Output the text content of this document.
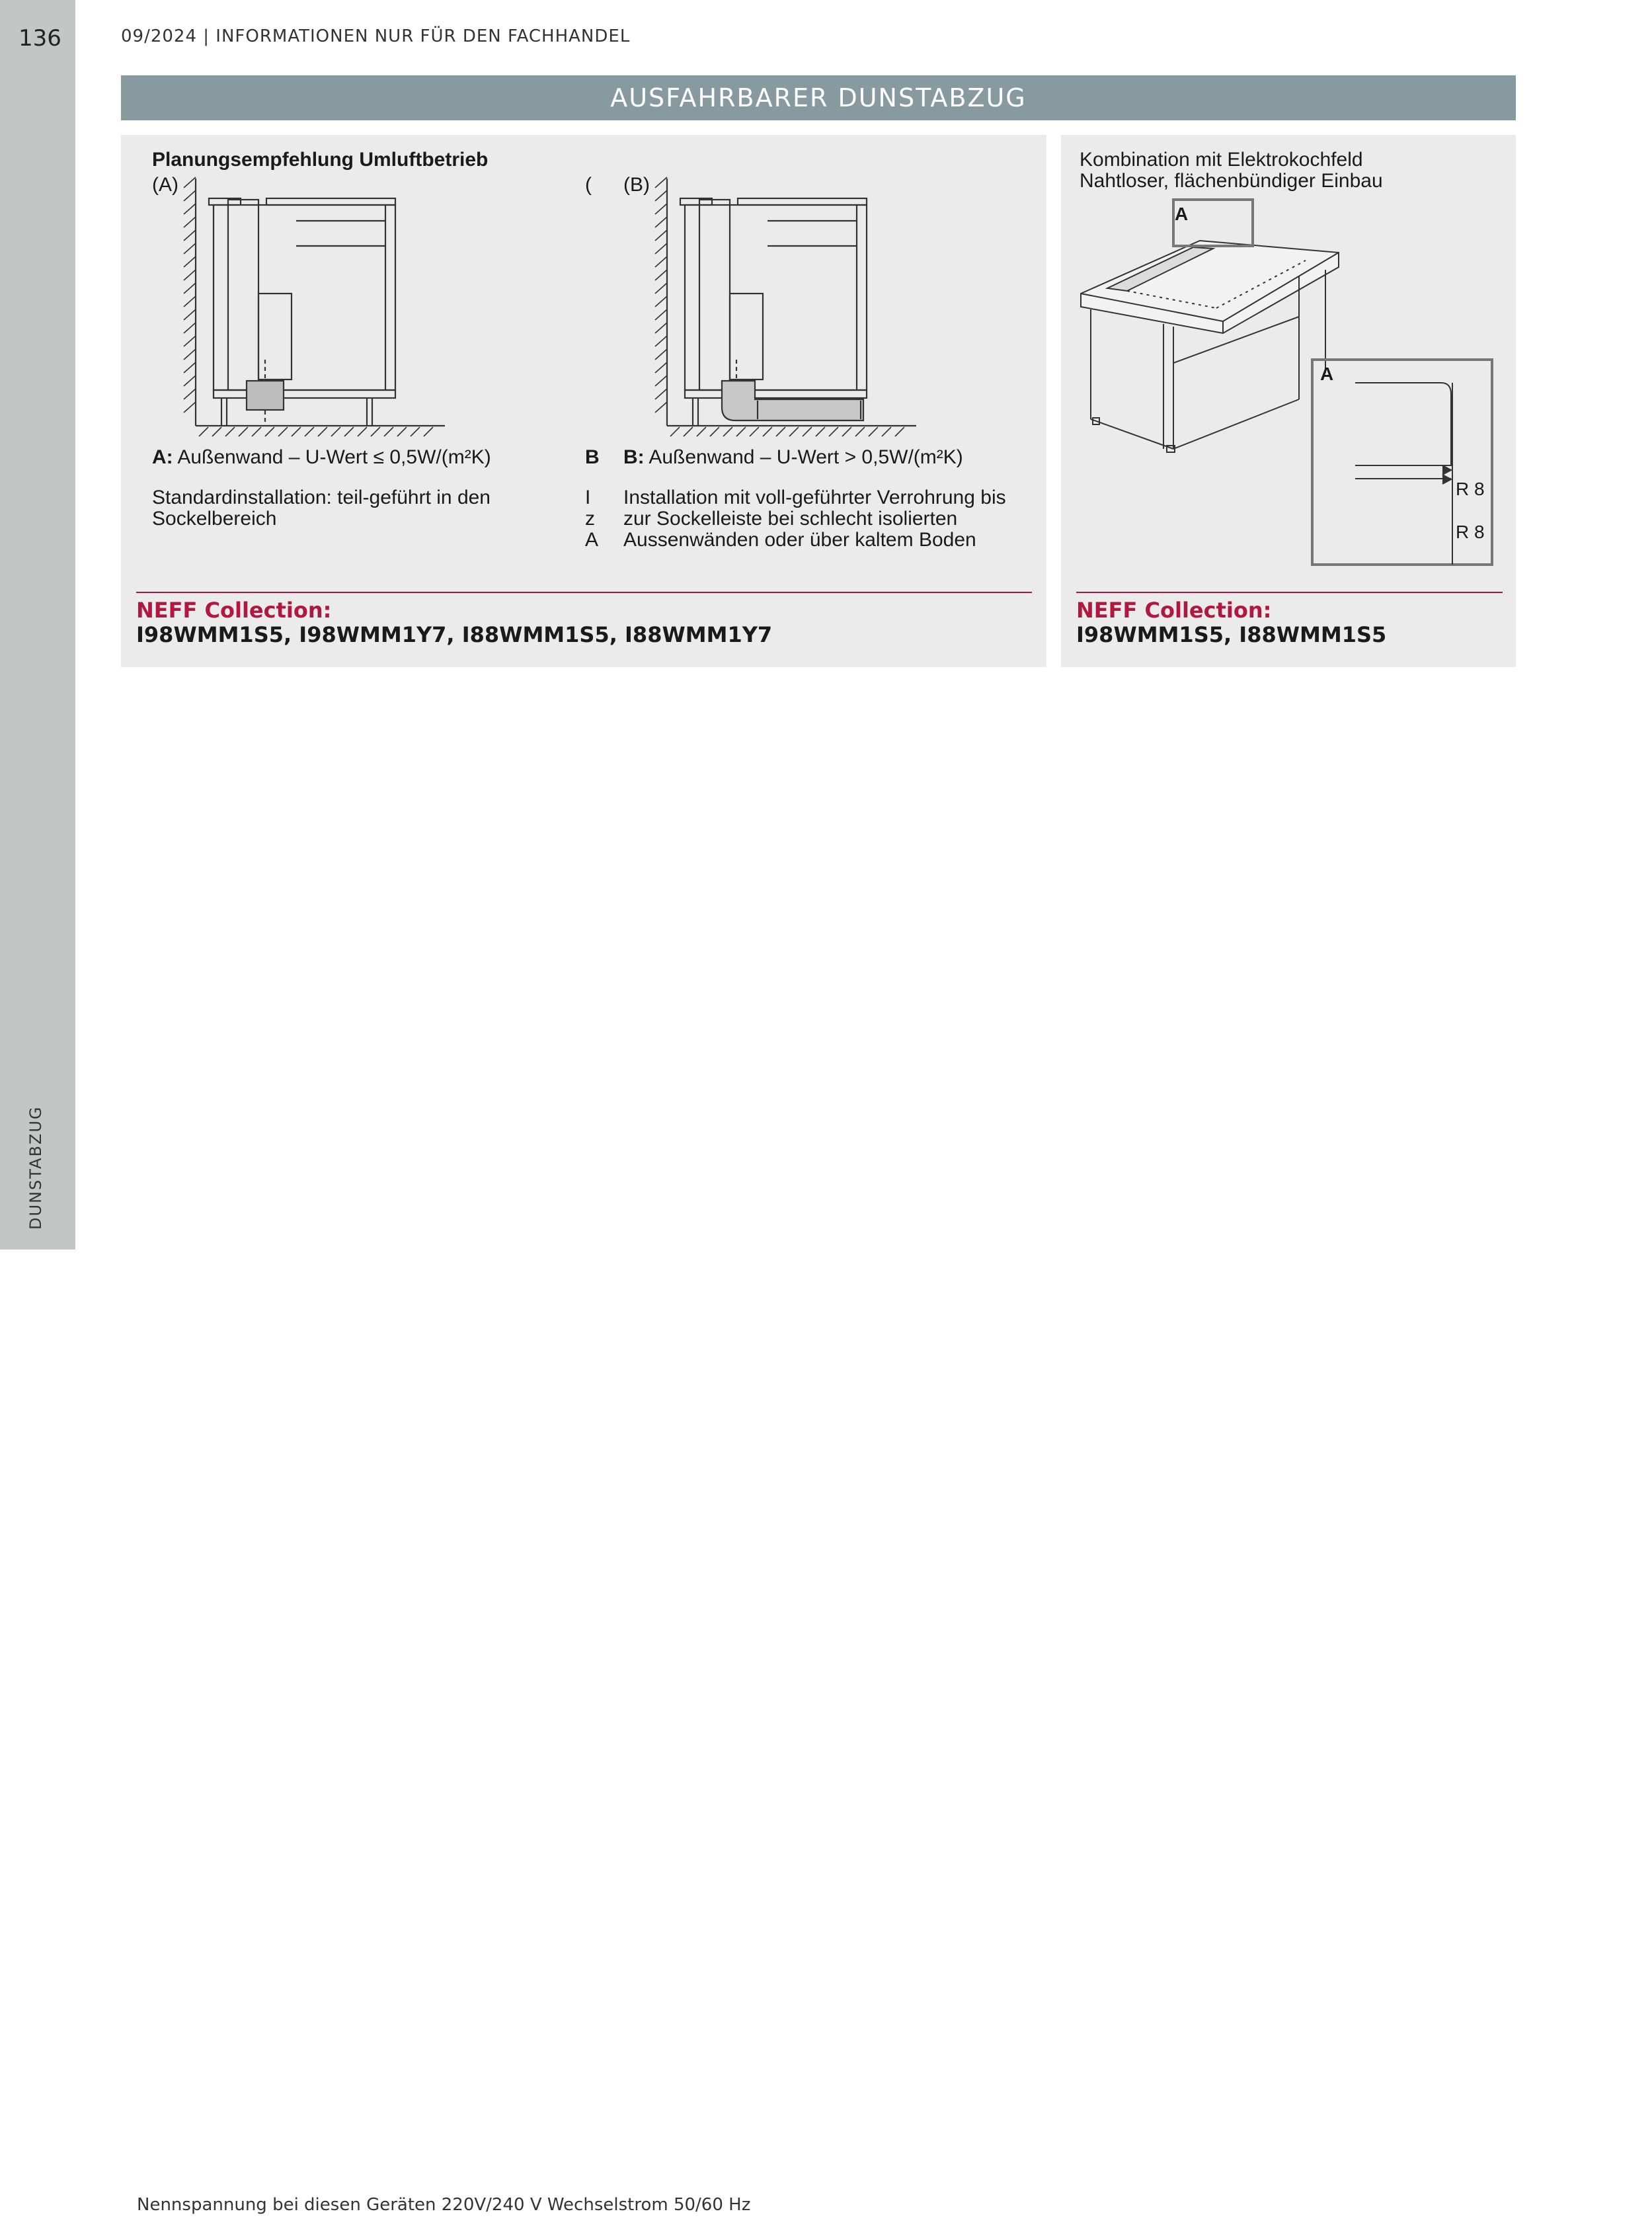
136
DUNSTABZUG
09/2024 | INFORMATIONEN NUR FÜR DEN FACHHANDEL
AUSFAHRBARER DUNSTABZUG
Planungsempfehlung Umluftbetrieb
(A)
A: Außenwand – U-Wert ≤ 0,5W/(m²K)
Standardinstallation: teil-geführt in den
Sockelbereich
(
B
I
z
A
(B)
B: Außenwand – U-Wert > 0,5W/(m²K)
Installation mit voll-geführter Verrohrung bis
zur Sockelleiste bei schlecht isolierten
Aussenwänden oder über kaltem Boden
NEFF Collection:
I98WMM1S5, I98WMM1Y7, I88WMM1S5, I88WMM1Y7
Kombination mit Elektrokochfeld
Nahtloser, flächenbündiger Einbau
A
A
R 8
R 8
NEFF Collection:
I98WMM1S5, I88WMM1S5
Nennspannung bei diesen Geräten 220V/240 V Wechselstrom 50/60 Hz
